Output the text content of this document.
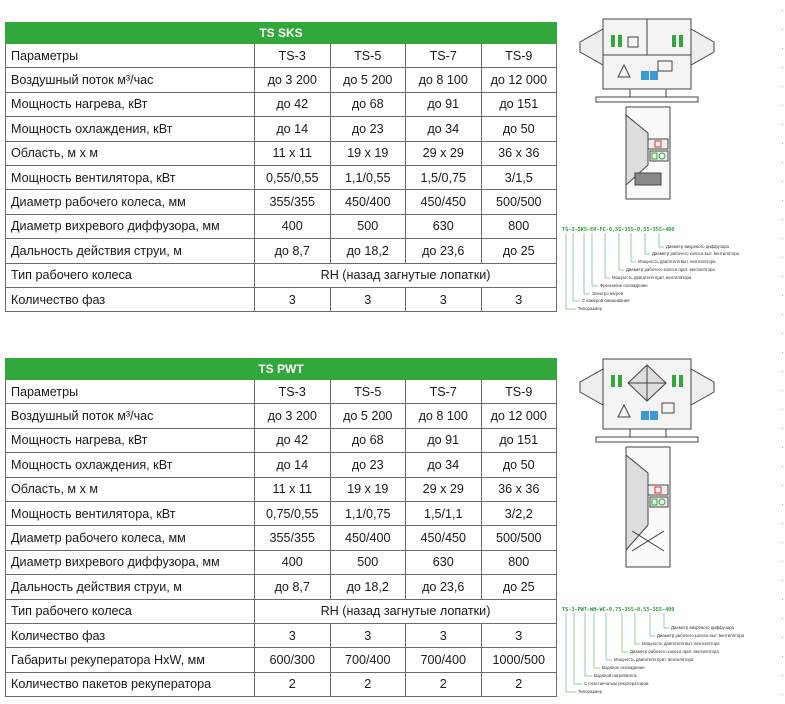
TS SKS				
Параметры	TS-3	TS-5	TS-7	TS-9
Воздушный поток м³/час	до 3 200	до 5 200	до 8 100	до 12 000
Мощность нагрева, кВт	до 42	до 68	до 91	до 151
Мощность охлаждения, кВт	до 14	до 23	до 34	до 50
Область, м х м	11 x 11	19 x 19	29 x 29	36 x 36
Мощность вентилятора, кВт	0,55/0,55	1,1/0,55	1,5/0,75	3/1,5
Диаметр рабочего колеса, мм	355/355	450/400	450/450	500/500
Диаметр вихревого диффузора, мм	400	500	630	800
Дальность действия струи, м	до 8,7	до 18,2	до 23,6	до 25
Тип рабочего колеса	RH (назад загнутые лопатки)			
Количество фаз	3	3	3	3
TS PWT				
Параметры	TS-3	TS-5	TS-7	TS-9
Воздушный поток м³/час	до 3 200	до 5 200	до 8 100	до 12 000
Мощность нагрева, кВт	до 42	до 68	до 91	до 151
Мощность охлаждения, кВт	до 14	до 23	до 34	до 50
Область, м х м	11 x 11	19 x 19	29 x 29	36 x 36
Мощность вентилятора, кВт	0,75/0,55	1,1/0,75	1,5/1,1	3/2,2
Диаметр рабочего колеса, мм	355/355	450/400	450/450	500/500
Диаметр вихревого диффузора, мм	400	500	630	800
Дальность действия струи, м	до 8,7	до 18,2	до 23,6	до 25
Тип рабочего колеса	RH (назад загнутые лопатки)			
Количество фаз	3	3	3	3
Габариты рекуператора HxW, мм	600/300	700/400	700/400	1000/500
Количество пакетов рекуператора	2	2	2	2
TS-3-SKS-EH-FC-0,55-355-0,55-355-400
Диаметр вихревого диффузора
Диаметр рабочего колеса выт. вентилятора
Мощность двигателя выт. вентилятора
Диаметр рабочего колеса прит. вентилятора
Мощность двигателя прит. вентилятора
Фреоновое охлаждение
Электро нагрев
С камерой смешивания
Типоразмер
TS-3-PWT-WH-WC-0,75-355-0,55-355-400
Диаметр вихревого диффузора
Диаметр рабочего колеса выт. вентилятора
Мощность двигателя выт. вентилятора
Диаметр рабочего колеса прит. вентилятора
Мощность двигателя прит. вентилятора
Водяное охлаждение
Водяной нагреватель
С пластинчатым рекуператором
Типоразмер
